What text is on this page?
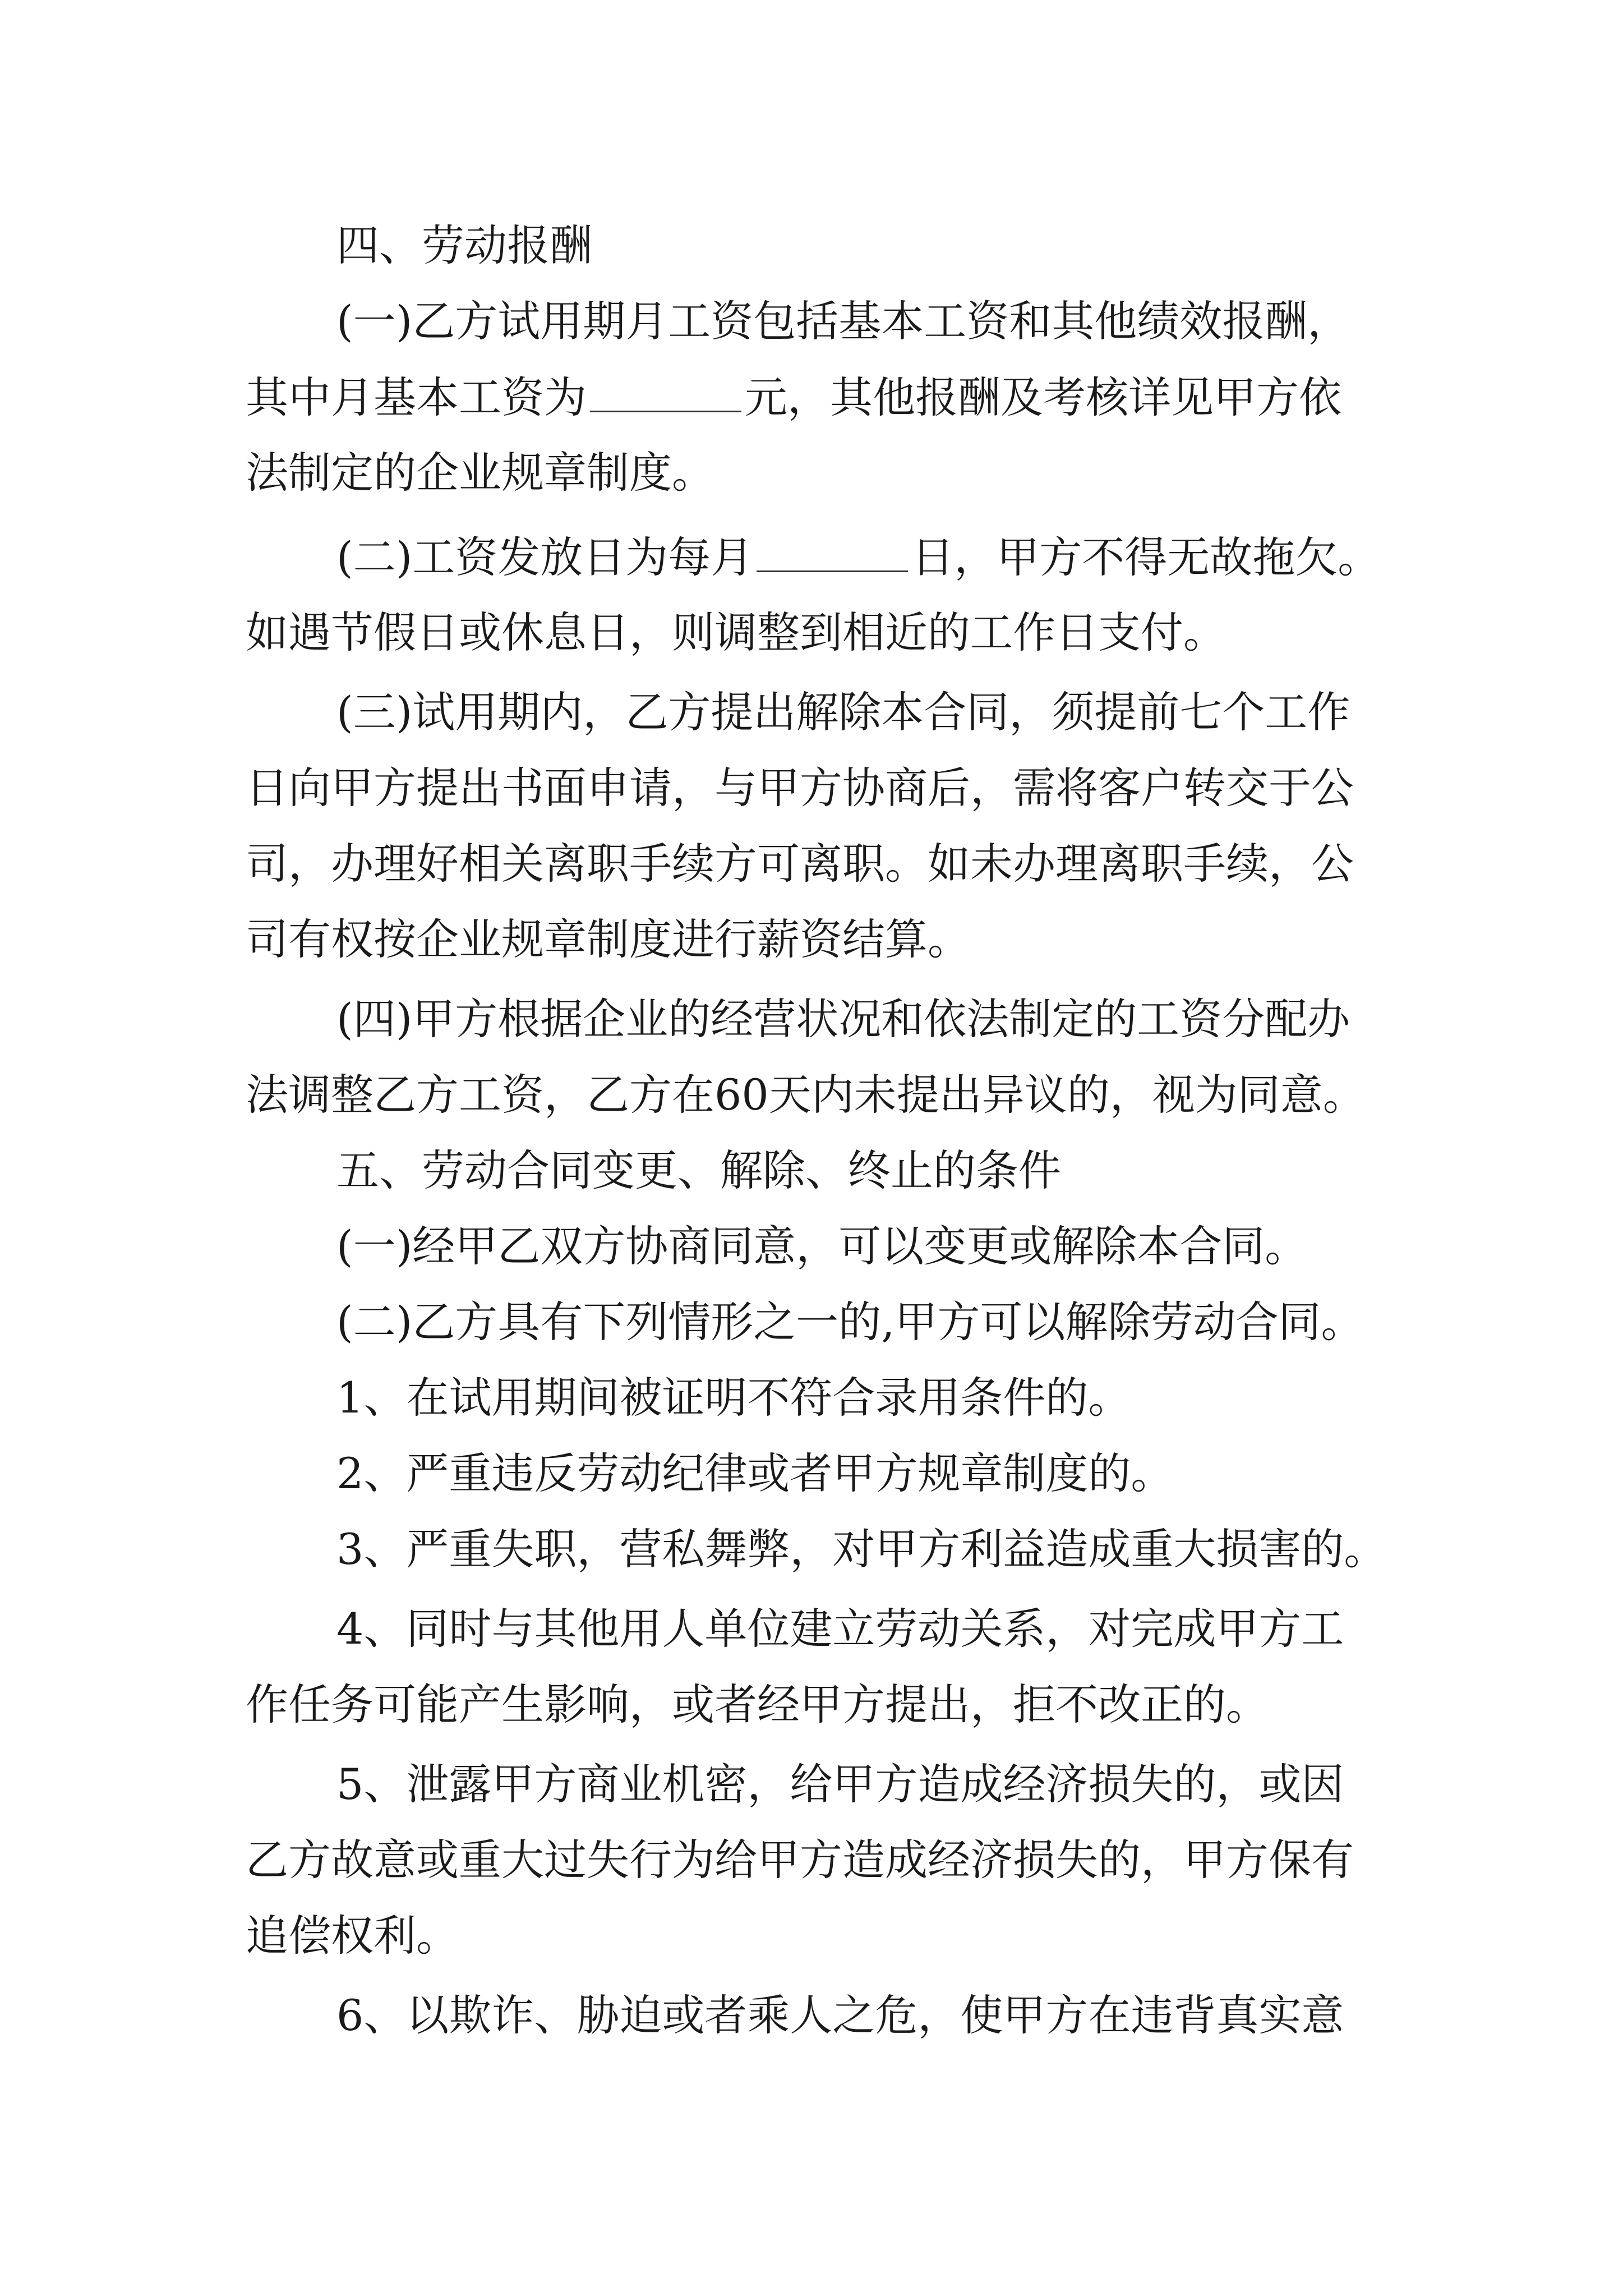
四、劳动报酬
(一)乙方试用期月工资包括基本工资和其他绩效报酬，
其中月基本工资为	元，其他报酬及考核详见甲方依
法制定的企业规章制度。
(二)工资发放日为每月	日，甲方不得无故拖欠。
如遇节假日或休息日，则调整到相近的工作日支付。
(三)试用期内，乙方提出解除本合同，须提前七个工作
日向甲方提出书面申请，与甲方协商后，需将客户转交于公
司，办理好相关离职手续方可离职。如未办理离职手续，公
司有权按企业规章制度进行薪资结算。
(四)甲方根据企业的经营状况和依法制定的工资分配办
法调整乙方工资，乙方在60天内未提出异议的，视为同意。
五、劳动合同变更、解除、终止的条件
(一)经甲乙双方协商同意，可以变更或解除本合同。
(二)乙方具有下列情形之一的,甲方可以解除劳动合同。
1、在试用期间被证明不符合录用条件的。
2、严重违反劳动纪律或者甲方规章制度的。
3、严重失职，营私舞弊，对甲方利益造成重大损害的。
4、同时与其他用人单位建立劳动关系，对完成甲方工
作任务可能产生影响，或者经甲方提出，拒不改正的。
5、泄露甲方商业机密，给甲方造成经济损失的，或因
乙方故意或重大过失行为给甲方造成经济损失的，甲方保有
追偿权利。
6、以欺诈、胁迫或者乘人之危，使甲方在违背真实意
